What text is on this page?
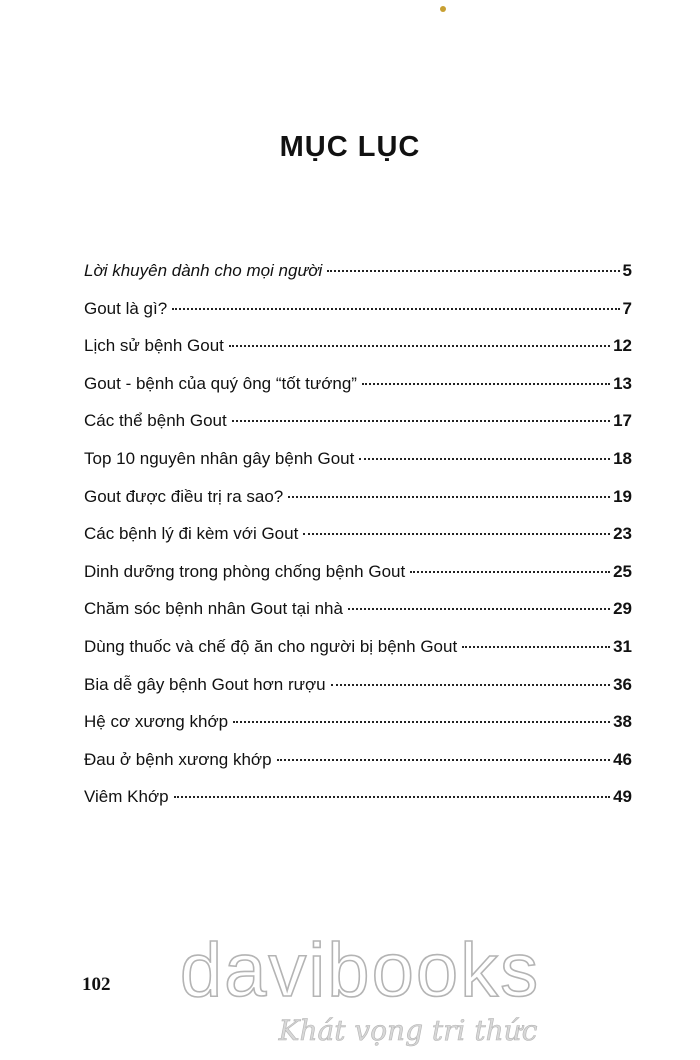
MỤC LỤC
Lời khuyên dành cho mọi người	5
Gout là gì?	7
Lịch sử bệnh Gout	12
Gout - bệnh của quý ông “tốt tướng”	13
Các thể bệnh Gout	17
Top 10 nguyên nhân gây bệnh Gout	18
Gout được điều trị ra sao?	19
Các bệnh lý đi kèm với Gout	23
Dinh dưỡng trong phòng chống bệnh Gout	25
Chăm sóc bệnh nhân Gout tại nhà	29
Dùng thuốc và chế độ ăn cho người bị bệnh Gout	31
Bia dễ gây bệnh Gout hơn rượu	36
Hệ cơ xương khớp	38
Đau ở bệnh xương khớp	46
Viêm Khớp	49
102 davibooks
Khát vọng tri thức
